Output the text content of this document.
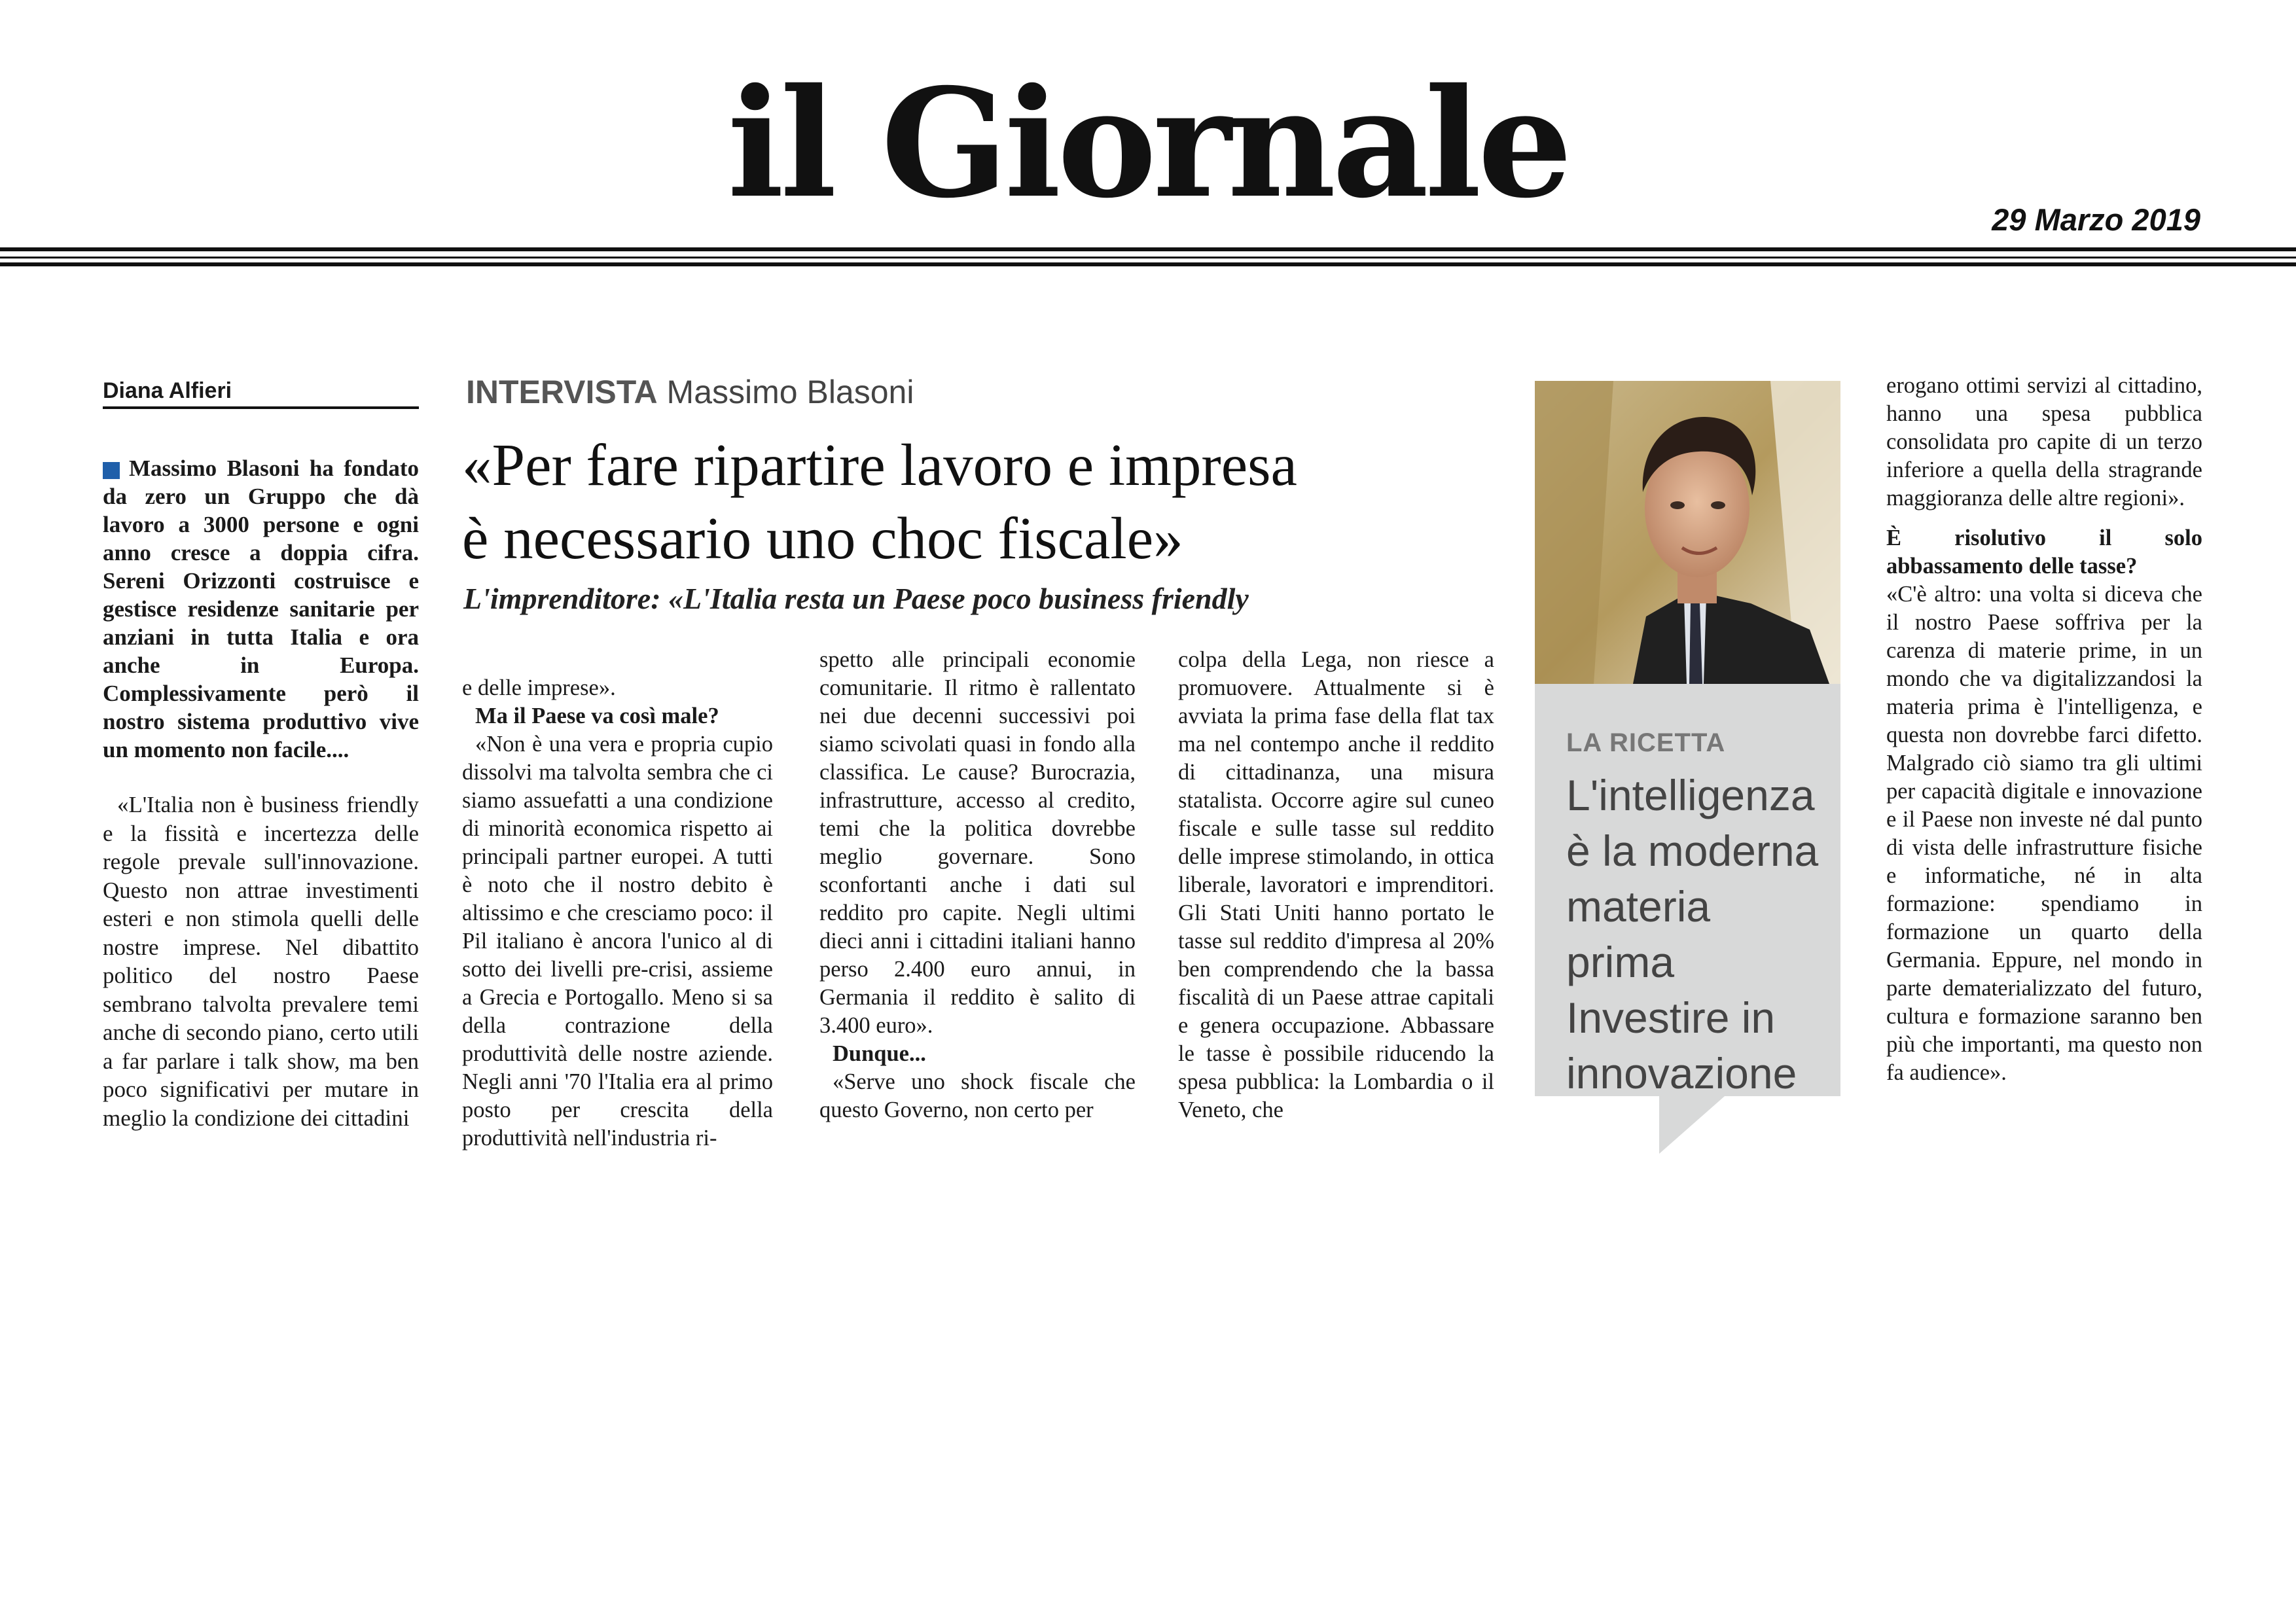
il Giornale	29 Marzo 2019
Diana Alfieri
Massimo Blasoni ha fondato da zero un Gruppo che dà lavoro a 3000 persone e ogni anno cresce a doppia cifra. Sereni Orizzonti costruisce e gestisce residenze sanitarie per anziani in tutta Italia e ora anche in Europa. Complessivamente però il nostro sistema produttivo vive un momento non facile....

«L'Italia non è business friendly e la fissità e incertezza delle regole prevale sull'innovazione. Questo non attrae investimenti esteri e non stimola quelli delle nostre imprese. Nel dibattito politico del nostro Paese sembrano talvolta prevalere temi anche di secondo piano, certo utili a far parlare i talk show, ma ben poco significativi per mutare in meglio la condizione dei cittadini

INTERVISTA Massimo Blasoni
«Per fare ripartire lavoro e impresa
è necessario uno choc fiscale»
L'imprenditore: «L'Italia resta un Paese poco business friendly
e delle imprese».
Ma il Paese va così male?
«Non è una vera e propria cupio dissolvi ma talvolta sembra che ci siamo assuefatti a una condizione di minorità economica rispetto ai principali partner europei. A tutti è noto che il nostro debito è altissimo e che cresciamo poco: il Pil italiano è ancora l'unico al di sotto dei livelli pre-crisi, assieme a Grecia e Portogallo. Meno si sa della contrazione della produttività delle nostre aziende. Negli anni '70 l'Italia era al primo posto per crescita della produttività nell'industria ri-
spetto alle principali economie comunitarie. Il ritmo è rallentato nei due decenni successivi poi siamo scivolati quasi in fondo alla classifica. Le cause? Burocrazia, infrastrutture, accesso al credito, temi che la politica dovrebbe meglio governare. Sono sconfortanti anche i dati sul reddito pro capite. Negli ultimi dieci anni i cittadini italiani hanno perso 2.400 euro annui, in Germania il reddito è salito di 3.400 euro».
Dunque...
«Serve uno shock fiscale che questo Governo, non certo per
colpa della Lega, non riesce a promuovere. Attualmente si è avviata la prima fase della flat tax ma nel contempo anche il reddito di cittadinanza, una misura statalista. Occorre agire sul cuneo fiscale e sulle tasse sul reddito delle imprese stimolando, in ottica liberale, lavoratori e imprenditori. Gli Stati Uniti hanno portato le tasse sul reddito d'impresa al 20% ben comprendendo che la bassa fiscalità di un Paese attrae capitali e genera occupazione. Abbassare le tasse è possibile riducendo la spesa pubblica: la Lombardia o il Veneto, che
LA RICETTA

L'intelligenza
è la moderna
materia prima
Investire in
innovazione

erogano ottimi servizi al cittadino, hanno una spesa pubblica consolidata pro capite di un terzo inferiore a quella della stragrande maggioranza delle altre regioni».
È risolutivo il solo abbassamento delle tasse?
«C'è altro: una volta si diceva che il nostro Paese soffriva per la carenza di materie prime, in un mondo che va digitalizzandosi la materia prima è l'intelligenza, e questa non dovrebbe farci difetto. Malgrado ciò siamo tra gli ultimi per capacità digitale e innovazione e il Paese non investe né dal punto di vista delle infrastrutture fisiche e informatiche, né in alta formazione: spendiamo in formazione un quarto della Germania. Eppure, nel mondo in parte dematerializzato del futuro, cultura e formazione saranno ben più che importanti, ma questo non fa audience».
